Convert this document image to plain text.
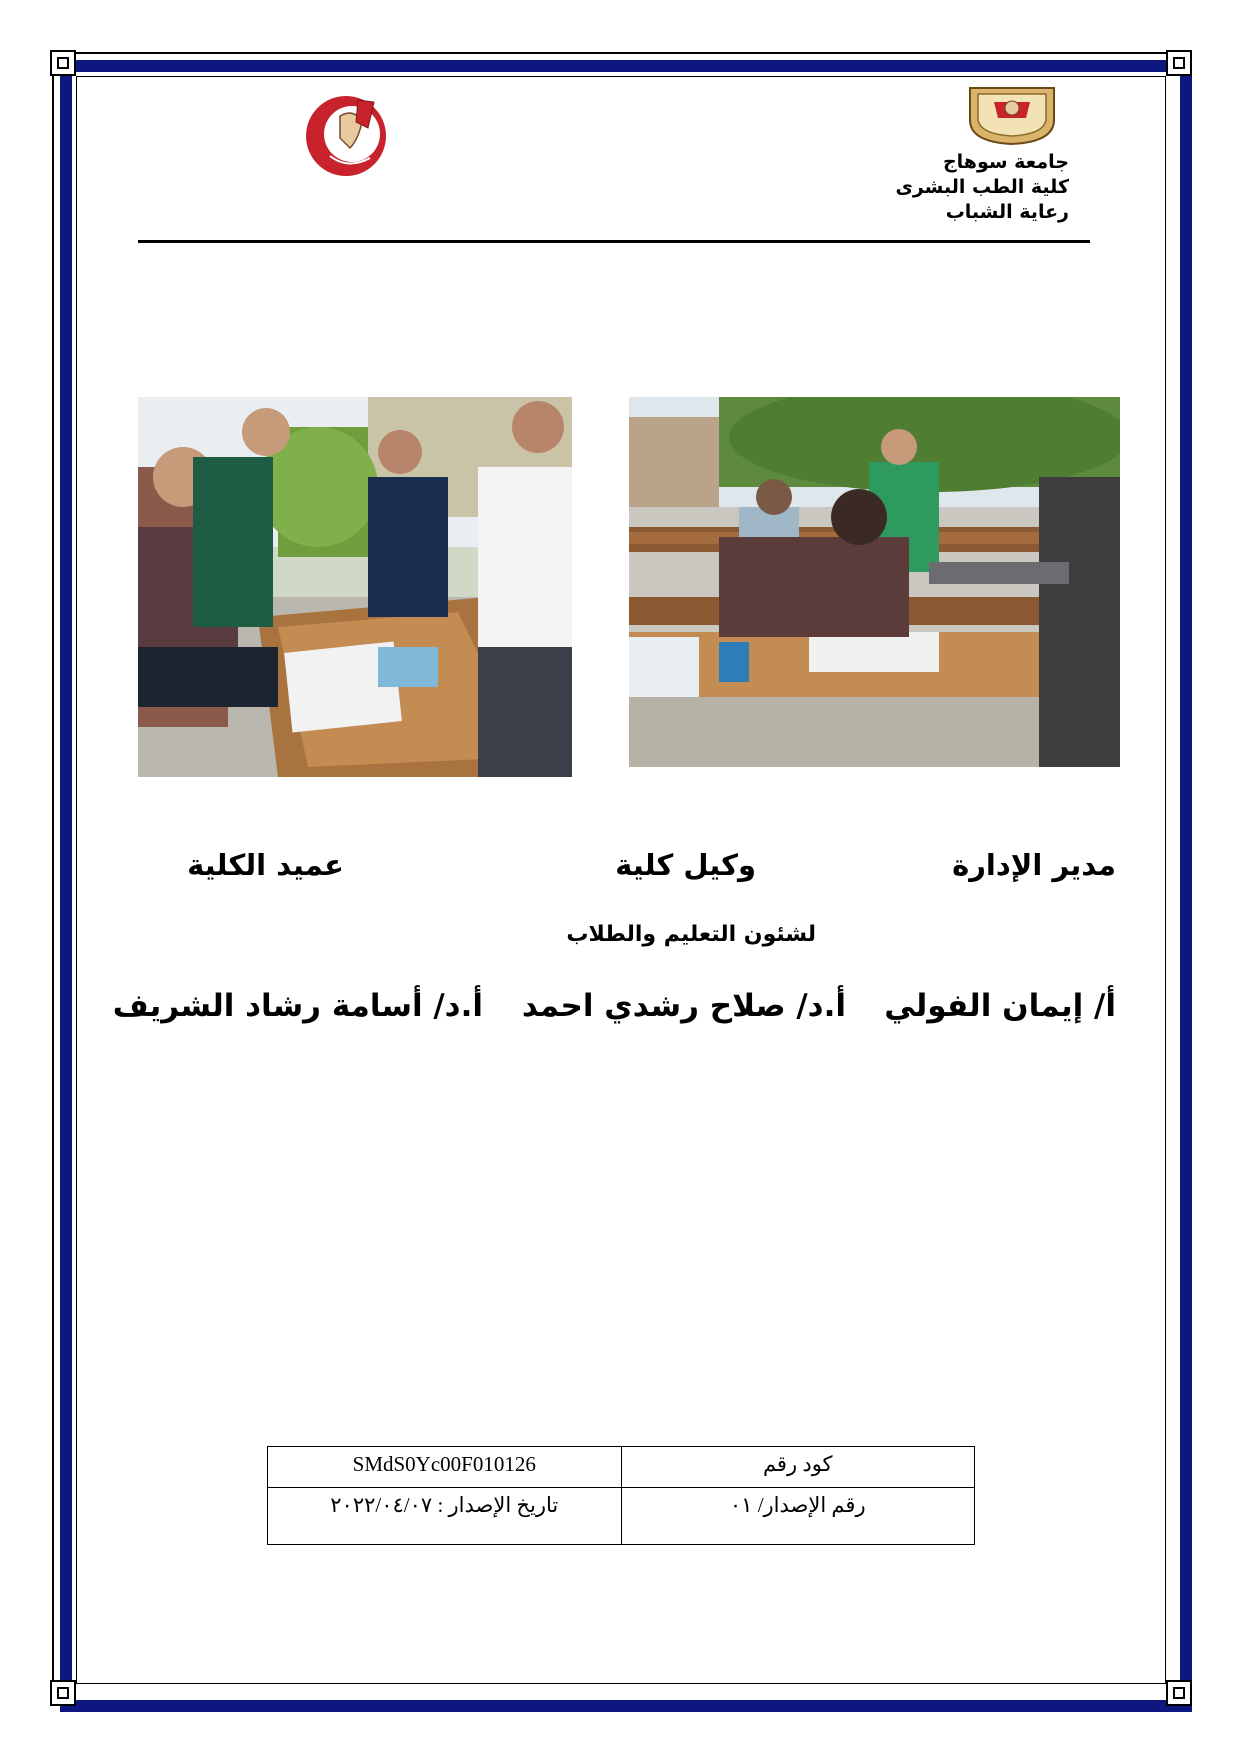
جامعة سوهاج
كلية الطب البشرى
رعاية الشباب
مدير الإدارة
وكيل كلية
عميد الكلية
لشئون التعليم والطلاب
أ/ إيمان الفولي
أ.د/ صلاح رشدي احمد
أ.د/ أسامة رشاد الشريف
SMdS0Yc00F010126	كود رقم
تاريخ الإصدار : ٢٠٢٢/٠٤/٠٧	رقم الإصدار/ ٠١
